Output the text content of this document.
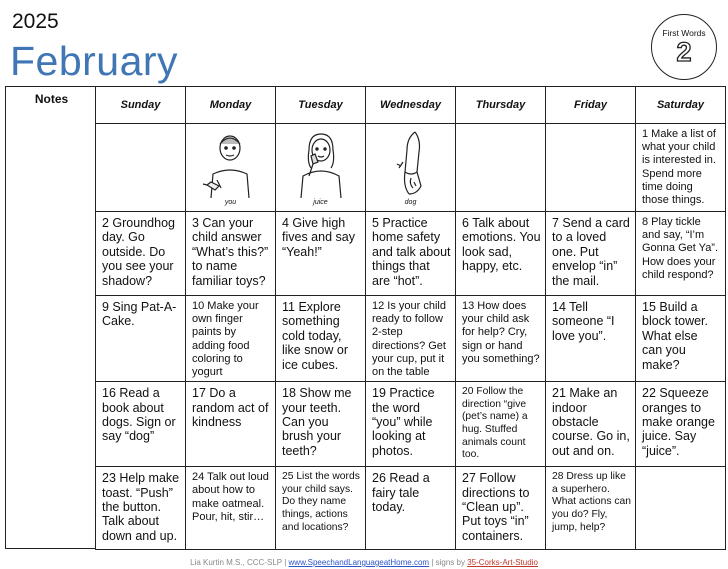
2025
February
First Words
2
Notes	Sunday	Monday	Tuesday	Wednesday	Thursday	Friday	Saturday

	you	juice	dog			1 Make a list of what your child is interested in. Spend more time doing those things.

2 Groundhog day. Go outside. Do you see your shadow?	3 Can your child answer “What’s this?” to name familiar toys?	4 Give high fives and say “Yeah!”	5 Practice home safety and talk about things that are “hot”.	6 Talk about emotions. You look sad, happy, etc.	7 Send a card to a loved one. Put envelop “in” the mail.	8 Play tickle and say, “I’m Gonna Get Ya”. How does your child respond?

9 Sing Pat-A-Cake.	10 Make your own finger paints by adding food coloring to yogurt	11 Explore something cold today, like snow or ice cubes.	12 Is your child ready to follow 2-step directions? Get your cup, put it on the table	13 How does your child ask for help? Cry, sign or hand you something?	14 Tell someone “I love you”.	15 Build a block tower. What else can you make?

16 Read a book about dogs. Sign or say “dog”	17 Do a random act of kindness	18 Show me your teeth. Can you brush your teeth?	19 Practice the word “you” while looking at photos.	20 Follow the direction “give (pet’s name) a hug. Stuffed animals count too.	21 Make an indoor obstacle course. Go in, out and on.	22 Squeeze oranges to make orange juice. Say “juice”.

23 Help make toast. “Push” the button. Talk about down and up.	24 Talk out loud about how to make oatmeal. Pour, hit, stir…	25 List the words your child says. Do they name things, actions and locations?	26 Read a fairy tale today.	27 Follow directions to “Clean up”. Put toys “in” containers.	28 Dress up like a superhero. What actions can you do? Fly, jump, help?	

Lia Kurtin M.S., CCC-SLP | www.SpeechandLanguageatHome.com | signs by 35-Corks-Art-Studio
